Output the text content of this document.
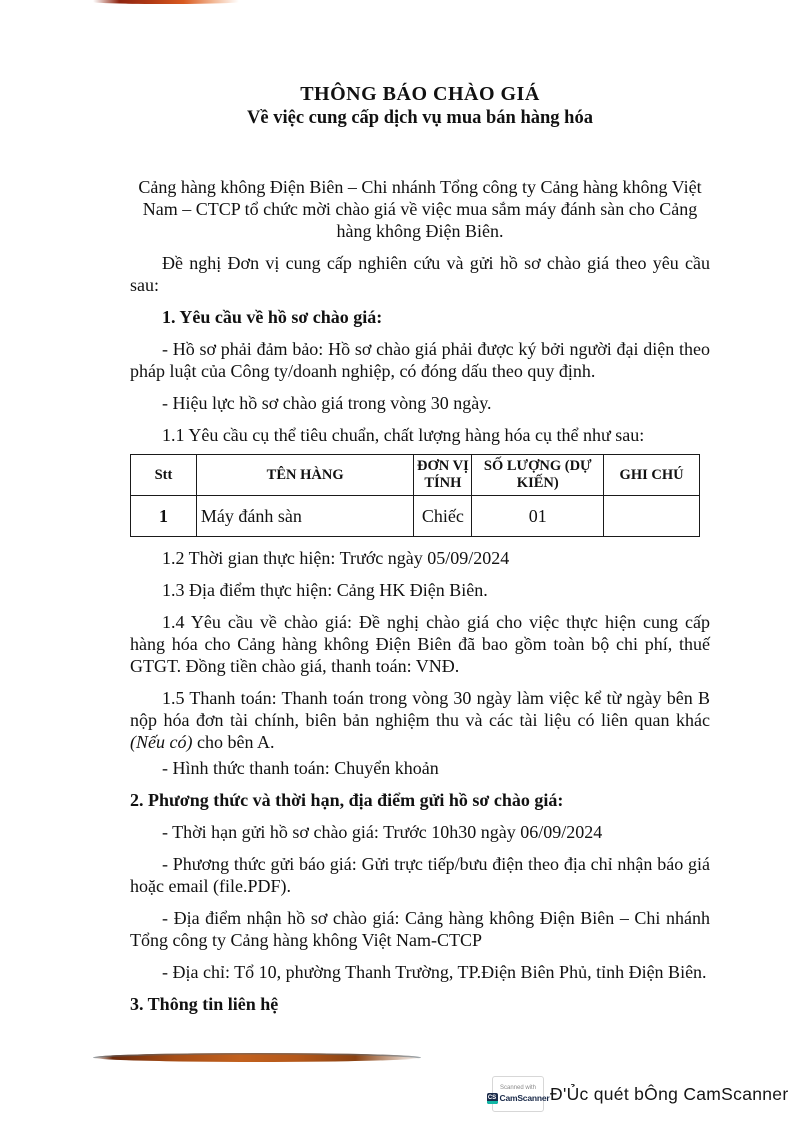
THÔNG BÁO CHÀO GIÁ

Về việc cung cấp dịch vụ mua bán hàng hóa

Cảng hàng không Điện Biên – Chi nhánh Tổng công ty Cảng hàng không Việt Nam – CTCP tổ chức mời chào giá về việc mua sắm máy đánh sàn cho Cảng hàng không Điện Biên.

Đề nghị Đơn vị cung cấp nghiên cứu và gửi hồ sơ chào giá theo yêu cầu sau:

1. Yêu cầu về hồ sơ chào giá:

- Hồ sơ phải đảm bảo: Hồ sơ chào giá phải được ký bởi người đại diện theo pháp luật của Công ty/doanh nghiệp, có đóng dấu theo quy định.

- Hiệu lực hồ sơ chào giá trong vòng 30 ngày.

1.1 Yêu cầu cụ thể tiêu chuẩn, chất lượng hàng hóa cụ thể như sau:

Stt	TÊN HÀNG	ĐƠN VỊ TÍNH	SỐ LƯỢNG (DỰ KIẾN)	GHI CHÚ
1	Máy đánh sàn	Chiếc	01	

1.2 Thời gian thực hiện: Trước ngày 05/09/2024

1.3 Địa điểm thực hiện: Cảng HK Điện Biên.

1.4 Yêu cầu về chào giá: Đề nghị chào giá cho việc thực hiện cung cấp hàng hóa cho Cảng hàng không Điện Biên đã bao gồm toàn bộ chi phí, thuế GTGT. Đồng tiền chào giá, thanh toán: VNĐ.

1.5 Thanh toán: Thanh toán trong vòng 30 ngày làm việc kể từ ngày bên B nộp hóa đơn tài chính, biên bản nghiệm thu và các tài liệu có liên quan khác (Nếu có) cho bên A.

- Hình thức thanh toán: Chuyển khoản

2. Phương thức và thời hạn, địa điểm gửi hồ sơ chào giá:

- Thời hạn gửi hồ sơ chào giá: Trước 10h30 ngày 06/09/2024

- Phương thức gửi báo giá: Gửi trực tiếp/bưu điện theo địa chỉ nhận báo giá hoặc email (file.PDF).

- Địa điểm nhận hồ sơ chào giá: Cảng hàng không Điện Biên – Chi nhánh Tổng công ty Cảng hàng không Việt Nam-CTCP

- Địa chỉ: Tổ 10, phường Thanh Trường, TP.Điện Biên Phủ, tỉnh Điện Biên.

3. Thông tin liên hệ

Scanned with
CS CamScanner Đ'Ủc quét bÔng CamScanner
